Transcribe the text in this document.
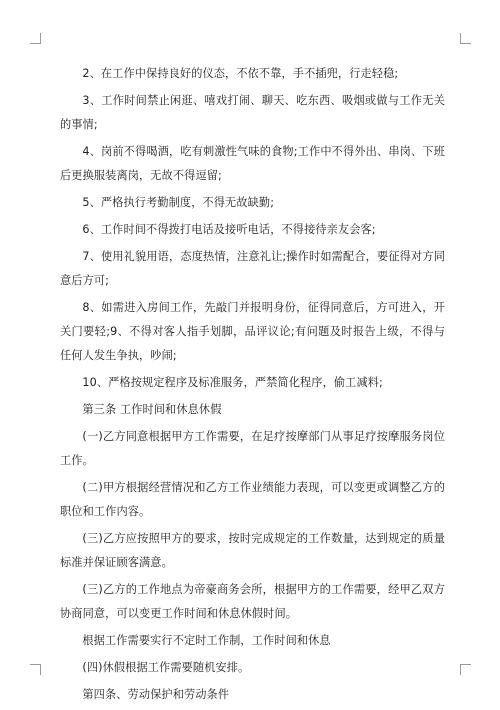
2、在工作中保持良好的仪态，不依不靠，手不插兜，行走轻稳;

3、工作时间禁止闲逛、嘻戏打闹、聊天、吃东西、吸烟或做与工作无关的事情;

4、岗前不得喝酒，吃有刺激性气味的食物;工作中不得外出、串岗、下班后更换服装离岗，无故不得逗留;

5、严格执行考勤制度，不得无故缺勤;

6、工作时间不得拨打电话及接听电话，不得接待亲友会客;

7、使用礼貌用语，态度热情，注意礼让;操作时如需配合，要征得对方同意后方可;

8、如需进入房间工作，先敲门并报明身份，征得同意后，方可进入，开关门要轻;9、不得对客人指手划脚，品评议论;有问题及时报告上级，不得与任何人发生争执，吵闹;

10、严格按规定程序及标准服务，严禁简化程序，偷工减料;

第三条 工作时间和休息休假

(一)乙方同意根据甲方工作需要，在足疗按摩部门从事足疗按摩服务岗位工作。

(二)甲方根据经营情况和乙方工作业绩能力表现，可以变更或调整乙方的职位和工作内容。

(三)乙方应按照甲方的要求，按时完成规定的工作数量，达到规定的质量标准并保证顾客满意。

(三)乙方的工作地点为帝豪商务会所，根据甲方的工作需要，经甲乙双方协商同意，可以变更工作时间和休息休假时间。

根据工作需要实行不定时工作制，工作时间和休息

(四)休假根据工作需要随机安排。

第四条、劳动保护和劳动条件
